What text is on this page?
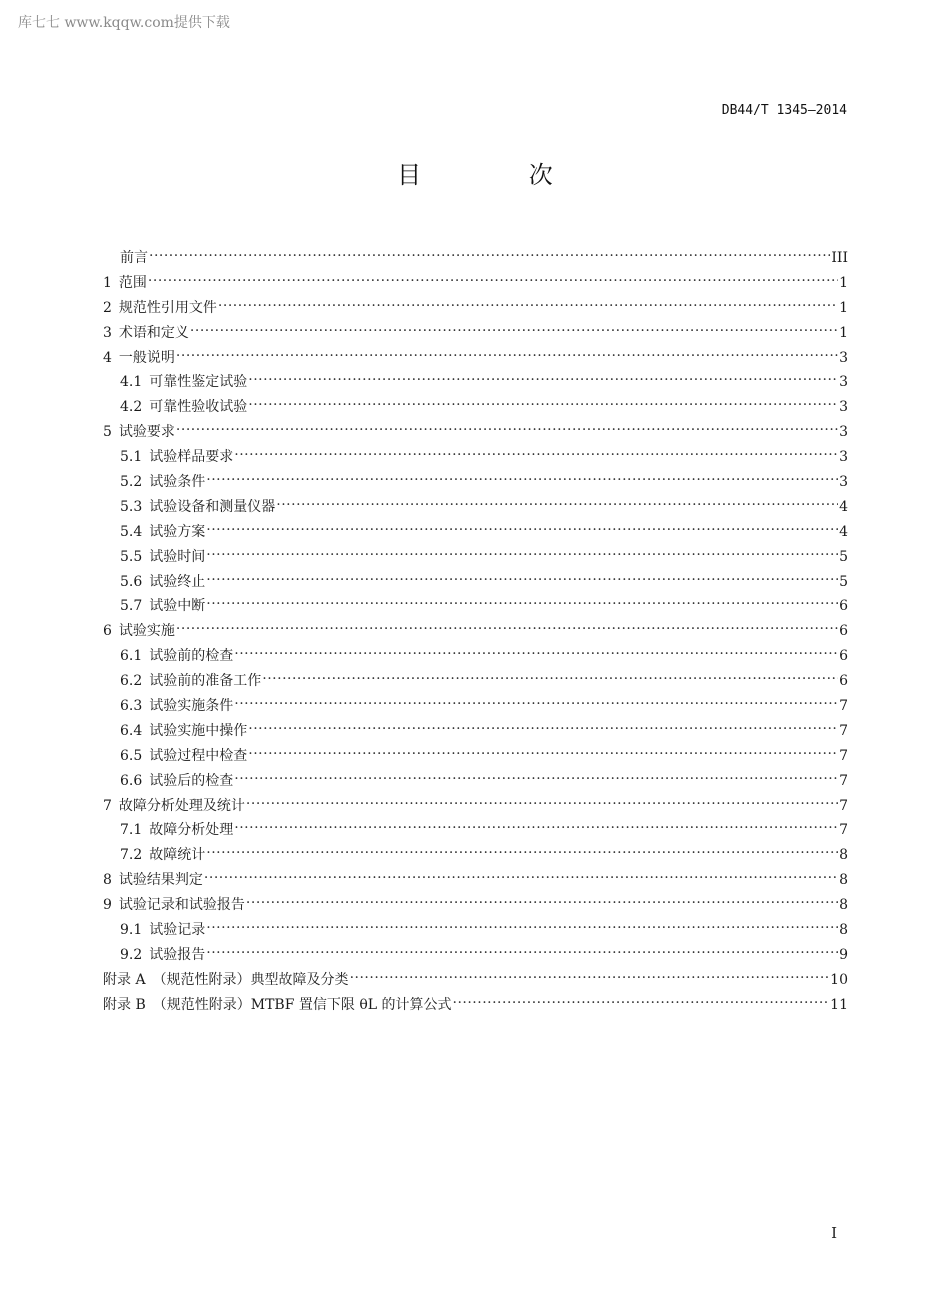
库七七 www.kqqw.com提供下载
DB44/T 1345—2014
目 次
前言 ·····	III
1 范围 ·····	1
2 规范性引用文件 ·····	1
3 术语和定义 ·····	1
4 一般说明 ·····	3
4.1 可靠性鉴定试验 ·····	3
4.2 可靠性验收试验 ·····	3
5 试验要求 ·····	3
5.1 试验样品要求 ·····	3
5.2 试验条件 ·····	3
5.3 试验设备和测量仪器 ·····	4
5.4 试验方案 ·····	4
5.5 试验时间 ·····	5
5.6 试验终止 ·····	5
5.7 试验中断 ·····	6
6 试验实施 ·····	6
6.1 试验前的检查 ·····	6
6.2 试验前的准备工作 ·····	6
6.3 试验实施条件 ·····	7
6.4 试验实施中操作 ·····	7
6.5 试验过程中检查 ·····	7
6.6 试验后的检查 ·····	7
7 故障分析处理及统计 ·····	7
7.1 故障分析处理 ·····	7
7.2 故障统计 ·····	8
8 试验结果判定 ·····	8
9 试验记录和试验报告 ·····	8
9.1 试验记录 ·····	8
9.2 试验报告 ·····	9
附录 A （规范性附录）典型故障及分类 ·····	10
附录 B （规范性附录）MTBF 置信下限 θL 的计算公式 ·····	11
I
